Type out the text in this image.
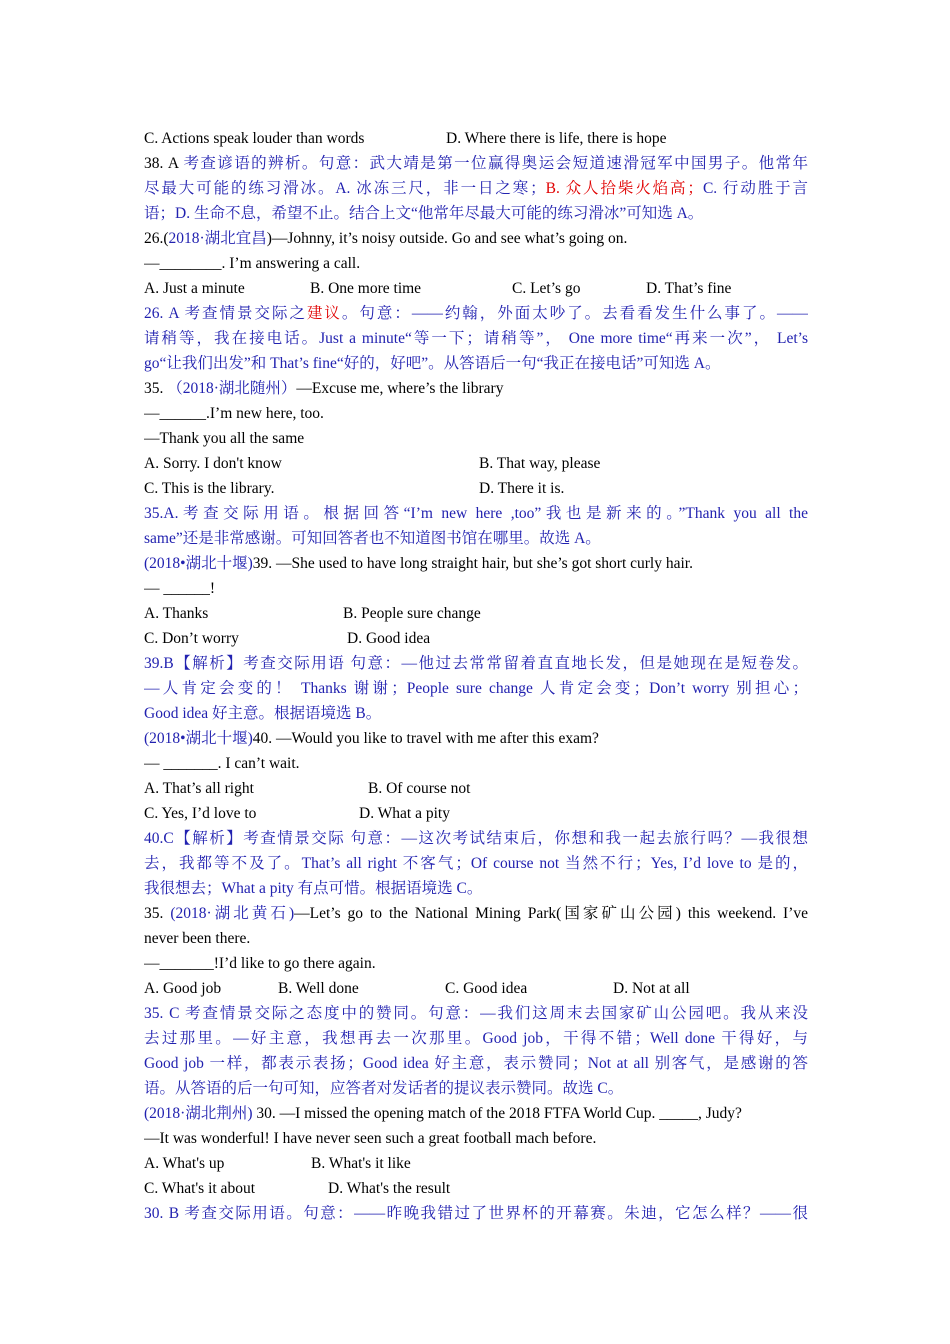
C. Actions speak louder than words	D. Where there is life, there is hope
38. A 考查谚语的辨析。句意：武大靖是第一位赢得奥运会短道速滑冠军中国男子。他常年
尽最大可能的练习滑冰。A. 冰冻三尺，非一日之寒；B. 众人拾柴火焰高；C. 行动胜于言
语；D. 生命不息，希望不止。结合上文“他常年尽最大可能的练习滑冰”可知选 A。
26.(2018·湖北宜昌)—Johnny, it’s noisy outside. Go and see what’s going on.
—________. I’m answering a call.
A. Just a minute	B. One more time	C. Let’s go	D. That’s fine
26. A 考查情景交际之建议。句意：——约翰，外面太吵了。去看看发生什么事了。——
请稍等，我在接电话。Just a minute“等一下；请稍等”， One more time“再来一次”， Let’s
go“让我们出发”和 That’s fine“好的，好吧”。从答语后一句“我正在接电话”可知选 A。
35. （2018·湖北随州）—Excuse me, where’s the library
—______.I’m new here, too.
—Thank you all the same
A. Sorry. I don't know	B. That way, please
C. This is the library.	D. There it is.
35.A.考查交际用语。根据回答“I’m new here ,too”我也是新来的。”Thank you all the
same”还是非常感谢。可知回答者也不知道图书馆在哪里。故选 A。
(2018•湖北十堰)39. —She used to have long straight hair, but she’s got short curly hair.
— ______!
A. Thanks	B. People sure change
C. Don’t worry	D. Good idea
39.B【解析】考查交际用语 句意：—他过去常常留着直直地长发，但是她现在是短卷发。
—人肯定会变的！ Thanks 谢谢；People sure change 人肯定会变；Don’t worry 别担心；
Good idea 好主意。根据语境选 B。
(2018•湖北十堰)40. —Would you like to travel with me after this exam?
— _______. I can’t wait.
A. That’s all right	B. Of course not
C. Yes, I’d love to	D. What a pity
40.C【解析】考查情景交际 句意：—这次考试结束后，你想和我一起去旅行吗？—我很想
去，我都等不及了。That’s all right 不客气；Of course not 当然不行；Yes, I’d love to 是的，
我很想去；What a pity 有点可惜。根据语境选 C。
35. (2018·湖北黄石)—Let’s go to the National Mining Park(国家矿山公园) this weekend. I’ve
never been there.
—_______!I’d like to go there again.
A. Good job	B. Well done	C. Good idea	D. Not at all
35. C 考查情景交际之态度中的赞同。句意：—我们这周末去国家矿山公园吧。我从来没
去过那里。—好主意，我想再去一次那里。Good job，干得不错；Well done 干得好，与
Good job 一样，都表示表扬；Good idea 好主意，表示赞同；Not at all 别客气，是感谢的答
语。从答语的后一句可知，应答者对发话者的提议表示赞同。故选 C。
(2018·湖北荆州) 30. —I missed the opening match of the 2018 FTFA World Cup. _____, Judy?
—It was wonderful! I have never seen such a great football mach before.
A. What's up	B. What's it like
C. What's it about	D. What's the result
30. B 考查交际用语。句意：——昨晚我错过了世界杯的开幕赛。朱迪，它怎么样？——很
